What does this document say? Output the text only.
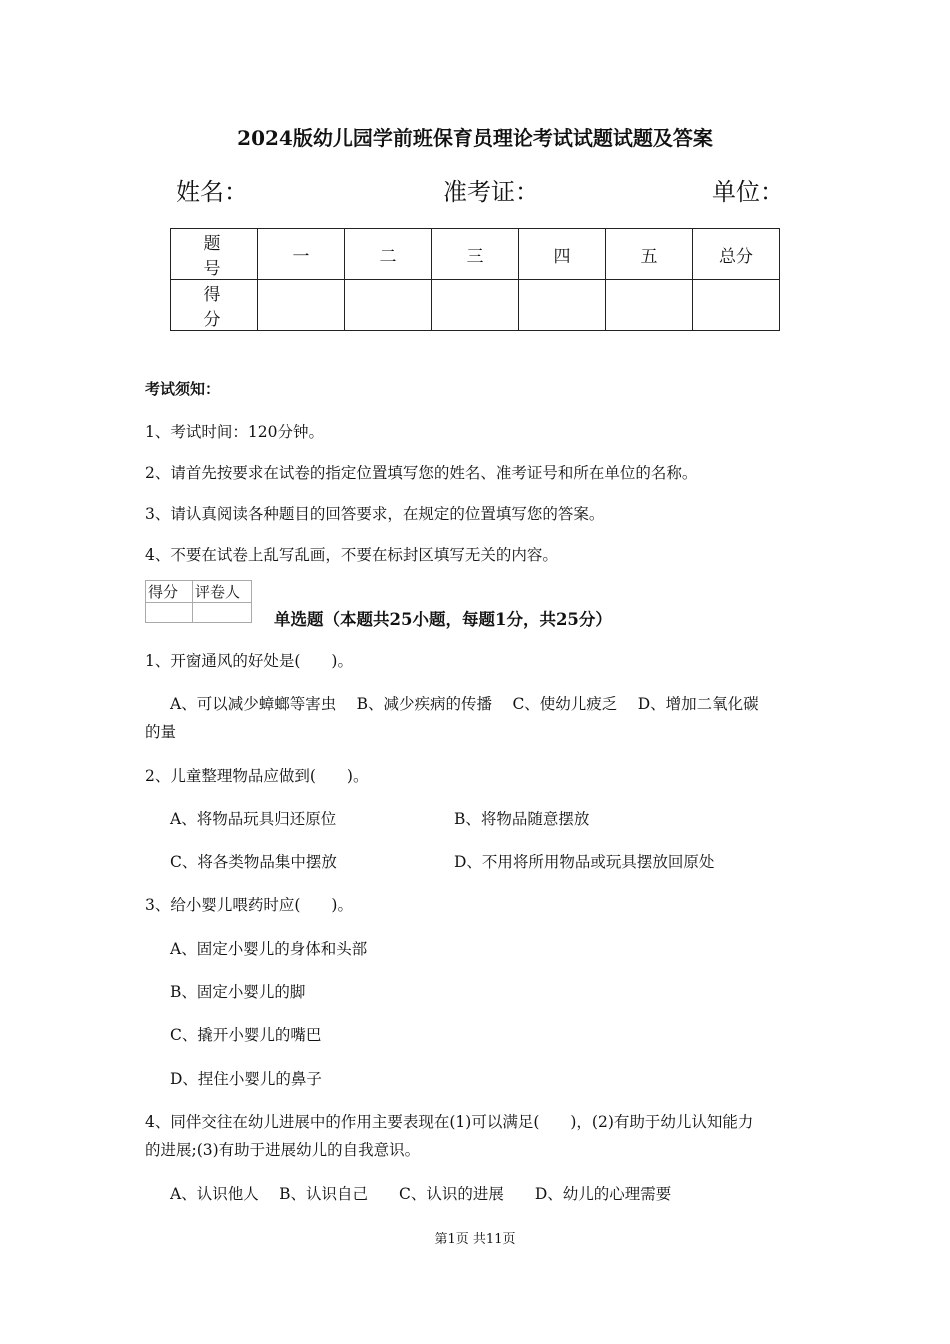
2024版幼儿园学前班保育员理论考试试题试题及答案
姓名：	准考证：	单位：
题　号	一	二	三	四	五	总分
得　分						
考试须知：
1、考试时间：120分钟。
2、请首先按要求在试卷的指定位置填写您的姓名、准考证号和所在单位的名称。
3、请认真阅读各种题目的回答要求，在规定的位置填写您的答案。
4、不要在试卷上乱写乱画，不要在标封区填写无关的内容。
得分	评卷人

单选题（本题共25小题，每题1分，共25分）
1、开窗通风的好处是(　　)。
A、可以减少蟑螂等害虫　 B、减少疾病的传播　 C、使幼儿疲乏　 D、增加二氧化碳
的量
2、儿童整理物品应做到(　　)。
A、将物品玩具归还原位	B、将物品随意摆放
C、将各类物品集中摆放	D、不用将所用物品或玩具摆放回原处
3、给小婴儿喂药时应(　　)。
A、固定小婴儿的身体和头部
B、固定小婴儿的脚
C、撬开小婴儿的嘴巴
D、捏住小婴儿的鼻子
4、同伴交往在幼儿进展中的作用主要表现在(1)可以满足(　　)，(2)有助于幼儿认知能力
的进展;(3)有助于进展幼儿的自我意识。
A、认识他人　 B、认识自己　　C、认识的进展　　D、幼儿的心理需要
第1页 共11页
